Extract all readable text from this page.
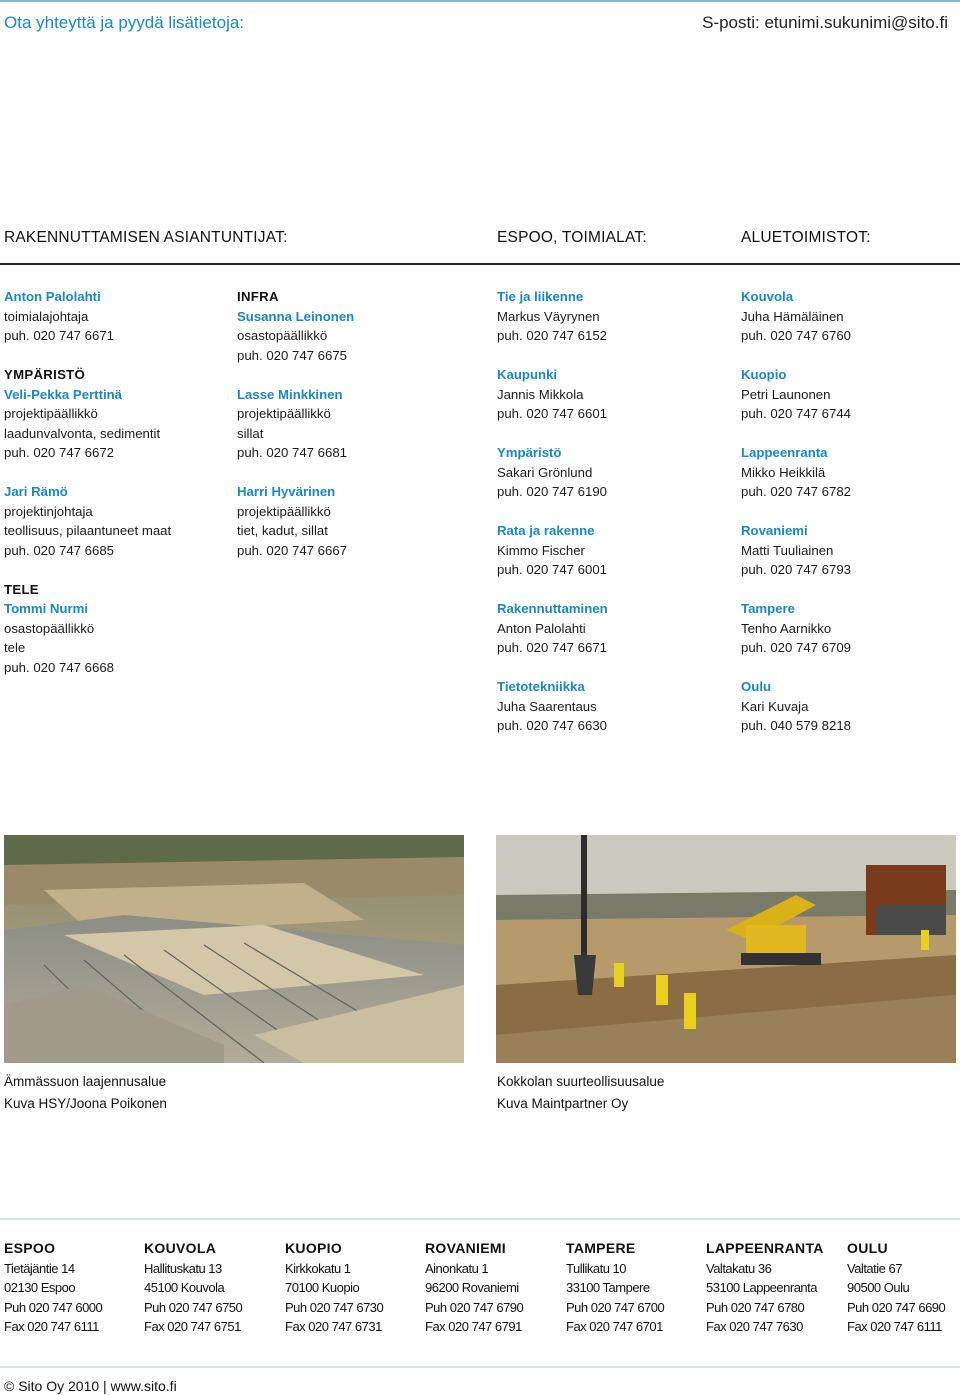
Ota yhteyttä ja pyydä lisätietoja:	S-posti: etunimi.sukunimi@sito.fi
RAKENNUTTAMISEN ASIANTUNTIJAT:	ESPOO, TOIMIALAT:	ALUETOIMISTOT:
Anton Palolahti
toimialajohtaja
puh. 020 747 6671
YMPÄRISTÖ
Veli-Pekka Perttinä
projektipäällikkö
laadunvalvonta, sedimentit
puh. 020 747 6672
Jari Rämö
projektinjohtaja
teollisuus, pilaantuneet maat
puh. 020 747 6685
TELE
Tommi Nurmi
osastopäällikkö
tele
puh. 020 747 6668
INFRA
Susanna Leinonen
osastopäällikkö
puh. 020 747 6675
Lasse Minkkinen
projektipäällikkö
sillat
puh. 020 747 6681
Harri Hyvärinen
projektipäällikkö
tiet, kadut, sillat
puh. 020 747 6667
Tie ja liikenne
Markus Väyrynen
puh. 020 747 6152
Kaupunki
Jannis Mikkola
puh. 020 747 6601
Ympäristö
Sakari Grönlund
puh. 020 747 6190
Rata ja rakenne
Kimmo Fischer
puh. 020 747 6001
Rakennuttaminen
Anton Palolahti
puh. 020 747 6671
Tietotekniikka
Juha Saarentaus
puh. 020 747 6630
Kouvola
Juha Hämäläinen
puh. 020 747 6760
Kuopio
Petri Launonen
puh. 020 747 6744
Lappeenranta
Mikko Heikkilä
puh. 020 747 6782
Rovaniemi
Matti Tuuliainen
puh. 020 747 6793
Tampere
Tenho Aarnikko
puh. 020 747 6709
Oulu
Kari Kuvaja
puh. 040 579 8218
Ämmässuon laajennusalue
Kuva HSY/Joona Poikonen
Kokkolan suurteollisuusalue
Kuva Maintpartner Oy
ESPOO
Tietäjäntie 14
02130 Espoo
Puh 020 747 6000
Fax 020 747 6111
KOUVOLA
Hallituskatu 13
45100 Kouvola
Puh 020 747 6750
Fax 020 747 6751
KUOPIO
Kirkkokatu 1
70100 Kuopio
Puh 020 747 6730
Fax 020 747 6731
ROVANIEMI
Ainonkatu 1
96200 Rovaniemi
Puh 020 747 6790
Fax 020 747 6791
TAMPERE
Tullikatu 10
33100 Tampere
Puh 020 747 6700
Fax 020 747 6701
LAPPEENRANTA
Valtakatu 36
53100 Lappeenranta
Puh 020 747 6780
Fax 020 747 7630
OULU
Valtatie 67
90500 Oulu
Puh 020 747 6690
Fax 020 747 6111
© Sito Oy 2010 | www.sito.fi
